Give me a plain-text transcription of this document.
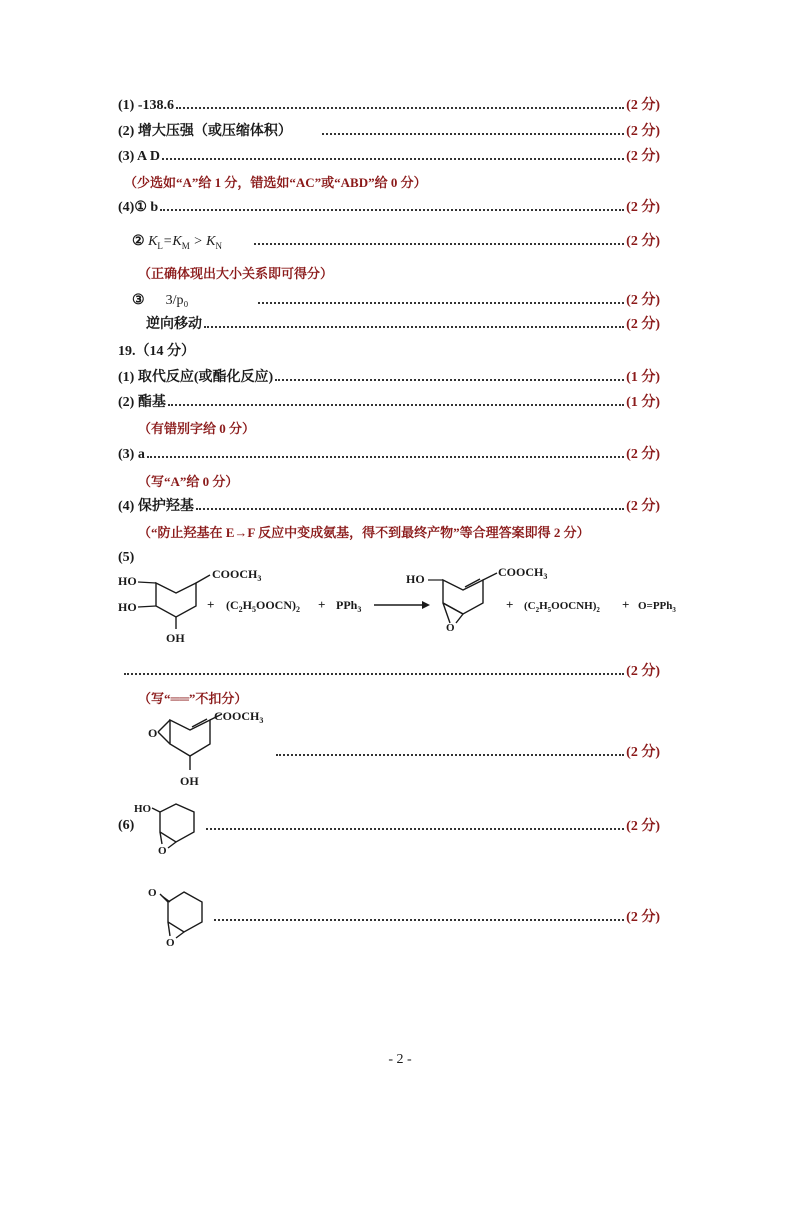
(1) -138.6	(2 分)
(2) 增大压强（或压缩体积）	(2 分)
(3) A D	(2 分)
（少选如“A”给 1 分，错选如“AC”或“ABD”给 0 分）
(4)① b	(2 分)
② $K_L=K_M > K_N$	(2 分)
（正确体现出大小关系即可得分）
③ 3/p₀	(2 分)
逆向移动	(2 分)
19.（14 分）
(1) 取代反应(或酯化反应)	(1 分)
(2) 酯基	(1 分)
（有错别字给 0 分）
(3) a	(2 分)
（写“A”给 0 分）
(4) 保护羟基	(2 分)
（“防止羟基在 E→F 反应中变成氨基，得不到最终产物”等合理答案即得 2 分）
(5)
$COOCH_3$
HO
HO
OH
+ $(C_2H_5OOCN)_2 + PPh_3$
O
$COOCH_3$
HO
+ $(C_2H_5OOCNH)_2 + O=PPh_3$
(2 分)
（写“══”不扣分）
O
$COOCH_3$
OH
(2 分)
(6)
HO
O
(2 分)
O
O
(2 分)
- 2 -
